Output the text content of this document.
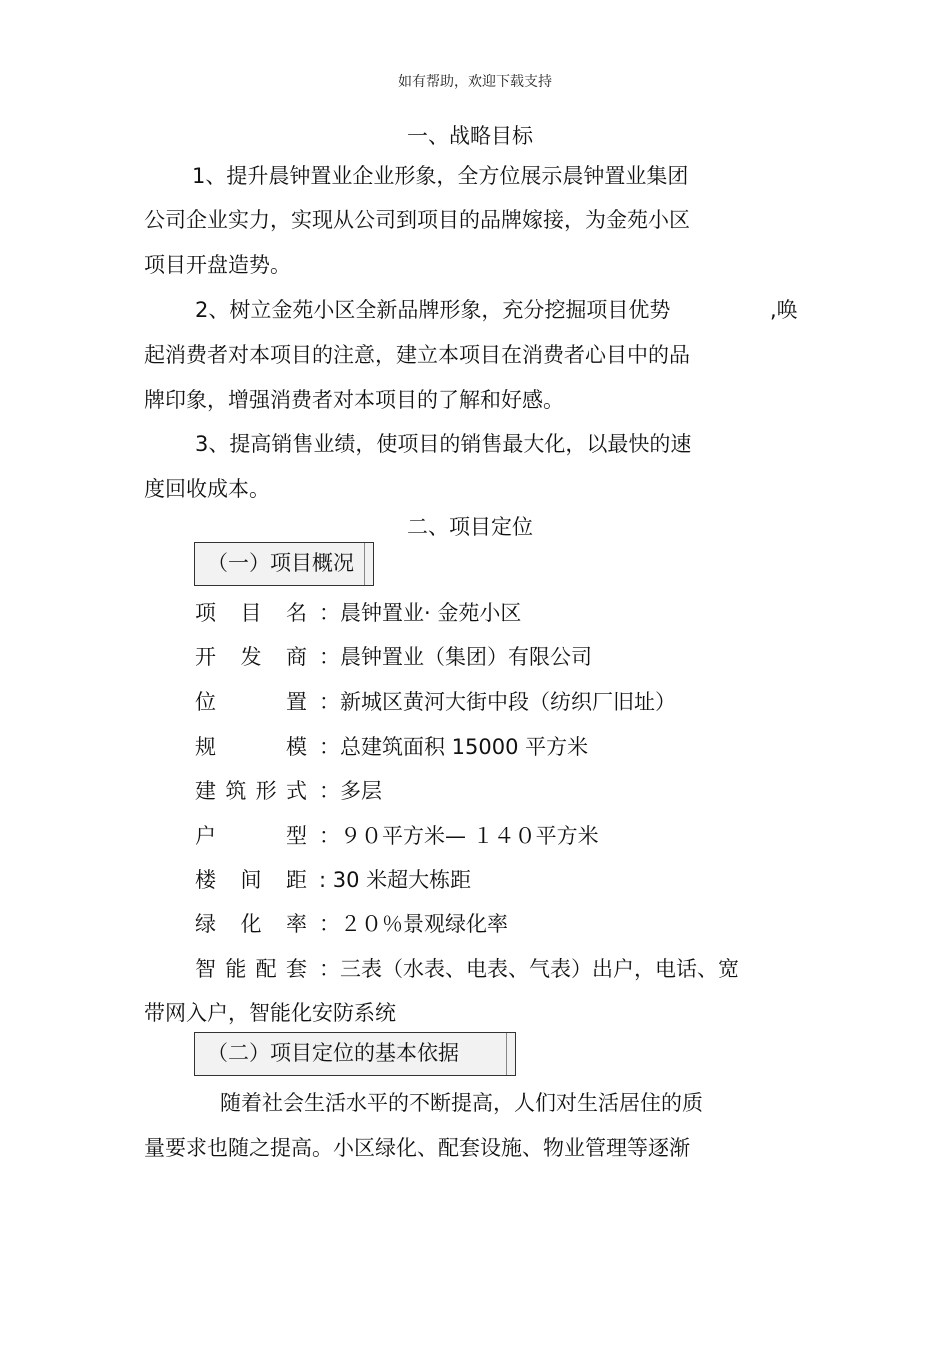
如有帮助，欢迎下载支持
一、战略目标
1、提升晨钟置业企业形象，全方位展示晨钟置业集团
公司企业实力，实现从公司到项目的品牌嫁接，为金苑小区
项目开盘造势。
2、树立金苑小区全新品牌形象，充分挖掘项目优势	,唤
起消费者对本项目的注意，建立本项目在消费者心目中的品
牌印象，增强消费者对本项目的了解和好感。
3、提高销售业绩，使项目的销售最大化，以最快的速
度回收成本。
二、项目定位
（一）项目概况
项目名 ：晨钟置业· 金苑小区
开发商 ：晨钟置业（集团）有限公司
位置 ：新城区黄河大街中段（纺织厂旧址）
规模 ：总建筑面积 15000 平方米
建筑形式 ：多层
户型 ：９０平方米— １４０平方米
楼间距 : 30 米超大栋距
绿化率 ：２０％景观绿化率
智能配套 ：三表（水表、电表、气表）出户，电话、宽
带网入户，智能化安防系统
（二）项目定位的基本依据
随着社会生活水平的不断提高，人们对生活居住的质
量要求也随之提高。小区绿化、配套设施、物业管理等逐渐
